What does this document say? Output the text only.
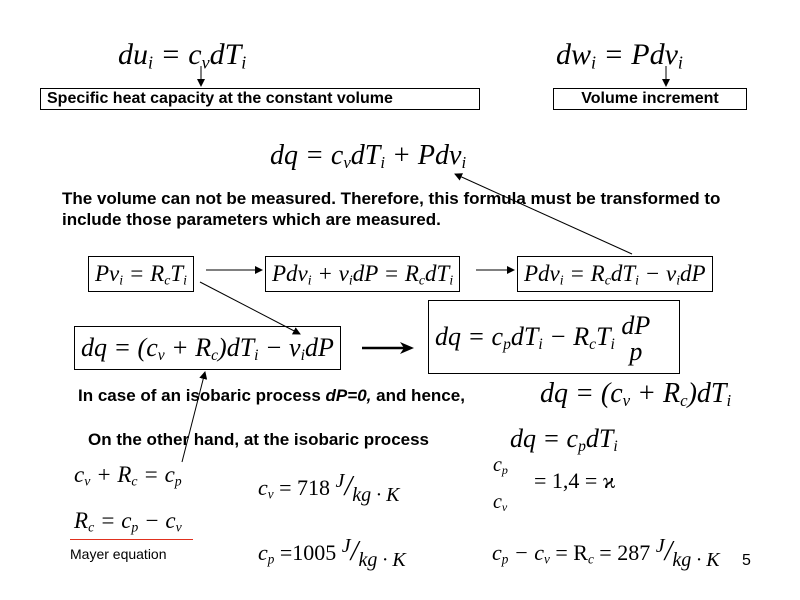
$du_i = c_vdT_i$	$dw_i = Pdv_i$
Specific heat capacity at the constant volume	Volume increment
dq = $c_vdT_i + Pdv_i$
The volume can not be measured. Therefore, this formula must be transformed to include those parameters which are measured.
$Pv_i = R_cT_i$	$Pdv_i + v_idP = R_cdT_i$	$Pdv_i = R_cdT_i - v_idP$
dq = $(c_v + R_c)dT_i - v_idP$	dq = $c_pdT_i - R_cT_i$
dP
p
In case of an isobaric process dP=0, and hence,	dq = $(c_v + R_c)dT_i$
On the other hand, at the isobaric process	dq = $c_pdT_i$
$c_v + R_c = c_p$
$R_c = c_p - c_v$
Mayer equation
$c_v = 718$ J/kg · K
$c_p =1005$ J/kg · K
$c_p$
$c_v$
= 1,4 = ϰ
$c_p - c_v = R_c = 287$ J/kg · K 5
